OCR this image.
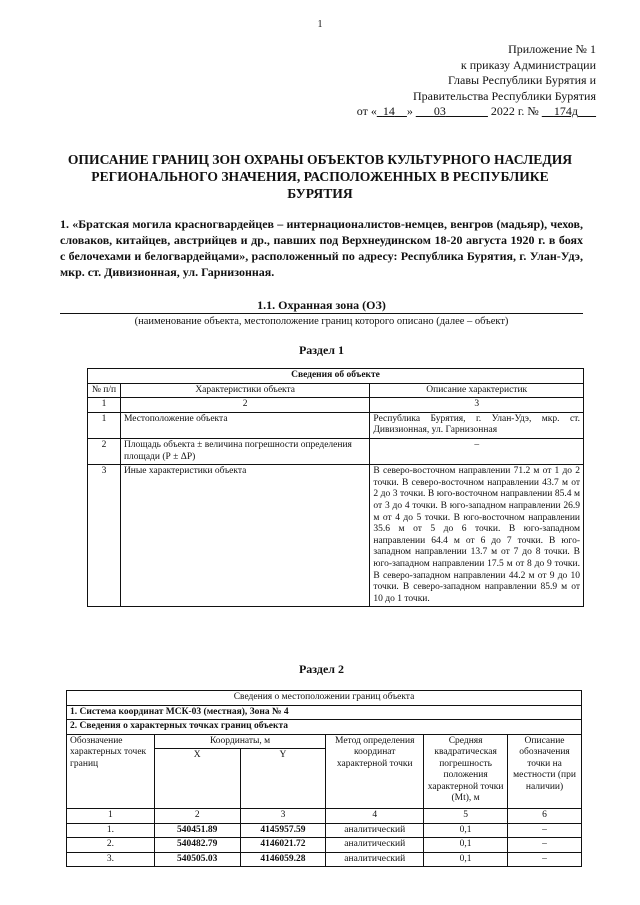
1
Приложение № 1
к приказу Администрации
Главы Республики Бурятия и
Правительства Республики Бурятия
от «_14__» ___03_______ 2022 г. № __174д___
ОПИСАНИЕ ГРАНИЦ ЗОН ОХРАНЫ ОБЪЕКТОВ КУЛЬТУРНОГО НАСЛЕДИЯ РЕГИОНАЛЬНОГО ЗНАЧЕНИЯ, РАСПОЛОЖЕННЫХ В РЕСПУБЛИКЕ БУРЯТИЯ
1. «Братская могила красногвардейцев – интернационалистов-немцев, венгров (мадьяр), чехов, словаков, китайцев, австрийцев и др., павших под Верхнеудинском 18-20 августа 1920 г. в боях с белочехами и белогвардейцами», расположенный по адресу: Республика Бурятия, г. Улан-Удэ, мкр. ст. Дивизионная, ул. Гарнизонная.
1.1. Охранная зона (ОЗ)
(наименование объекта, местоположение границ которого описано (далее – объект)
Раздел 1
Сведения об объекте		
№ п/п	Характеристики объекта	Описание характеристик
1	2	3
1	Местоположение объекта	Республика Бурятия, г. Улан-Удэ, мкр. ст. Дивизионная, ул. Гарнизонная
2	Площадь объекта ± величина погрешности определения площади (Р ± ΔР)	–
3	Иные характеристики объекта	В северо-восточном направлении 71.2 м от 1 до 2 точки. В северо-восточном направлении 43.7 м от 2 до 3 точки. В юго-восточном направлении 85.4 м от 3 до 4 точки. В юго-западном направлении 26.9 м от 4 до 5 точки. В юго-восточном направлении 35.6 м от 5 до 6 точки. В юго-западном направлении 64.4 м от 6 до 7 точки. В юго-западном направлении 13.7 м от 7 до 8 точки. В юго-западном направлении 17.5 м от 8 до 9 точки. В северо-западном направлении 44.2 м от 9 до 10 точки. В северо-западном направлении 85.9 м от 10 до 1 точки.
Раздел 2
Сведения о местоположении границ объекта					
1. Система координат МСК-03 (местная), Зона № 4					
2. Сведения о характерных точках границ объекта					
Обозначение характерных точек границ	Координаты, м		Метод определения координат характерной точки	Средняя квадратическая погрешность положения характерной точки (Mt), м	Описание обозначения точки на местности (при наличии)
	X	Y			
1	2	3	4	5	6
1.	540451.89	4145957.59	аналитический	0,1	–
2.	540482.79	4146021.72	аналитический	0,1	–
3.	540505.03	4146059.28	аналитический	0,1	–
